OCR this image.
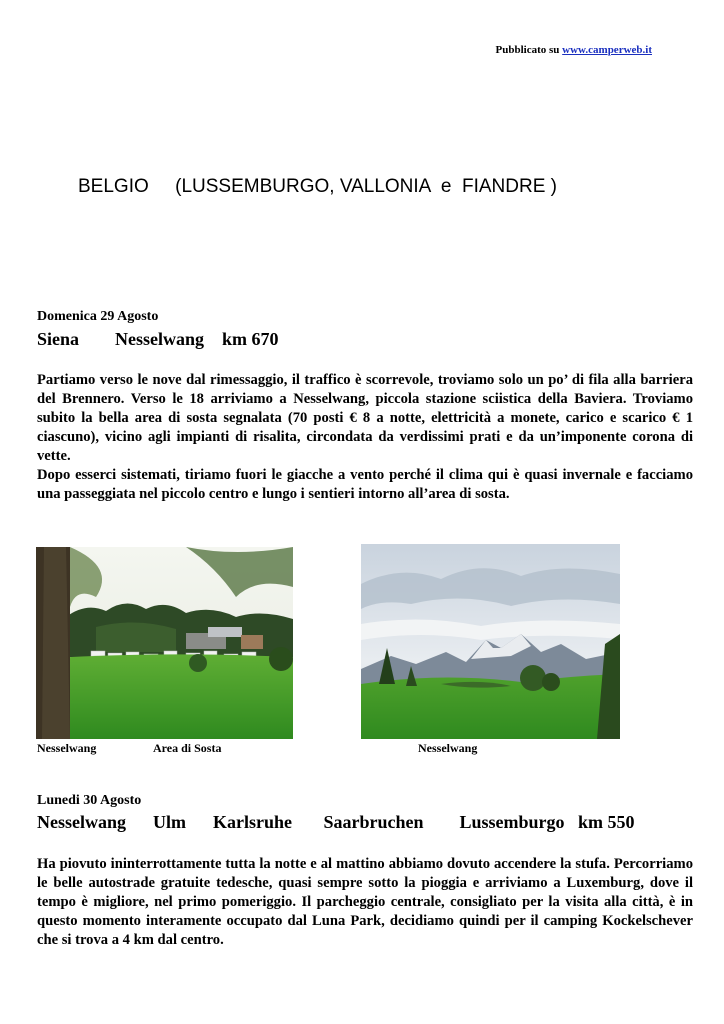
Pubblicato su www.camperweb.it
BELGIO     (LUSSEMBURGO, VALLONIA  e  FIANDRE )
Domenica 29 Agosto
Siena        Nesselwang    km 670

Partiamo verso le nove dal rimessaggio, il traffico è scorrevole, troviamo solo un po’ di fila alla barriera del Brennero. Verso le 18 arriviamo a Nesselwang, piccola stazione sciistica della Baviera. Troviamo subito la bella area di sosta segnalata (70 posti € 8 a notte, elettricità a monete, carico e scarico € 1 ciascuno), vicino agli impianti di risalita, circondata da verdissimi prati e da un’imponente corona di vette.

Dopo esserci sistemati, tiriamo fuori le giacche a vento perché il clima qui è quasi invernale e facciamo una passeggiata nel piccolo centro e lungo i sentieri intorno all’area di sosta.

Nesselwang	Area di Sosta	Nesselwang
Lunedi 30 Agosto
Nesselwang      Ulm      Karlsruhe       Saarbruchen        Lussemburgo   km 550

Ha piovuto ininterrottamente tutta la notte e al mattino abbiamo dovuto accendere la stufa. Percorriamo le belle autostrade gratuite tedesche, quasi sempre sotto la pioggia e arriviamo a Luxemburg, dove il tempo è migliore, nel primo pomeriggio. Il parcheggio centrale, consigliato per la visita alla città, è in questo momento interamente occupato dal Luna Park, decidiamo quindi per il camping Kockelschever che si trova a 4 km dal centro.
